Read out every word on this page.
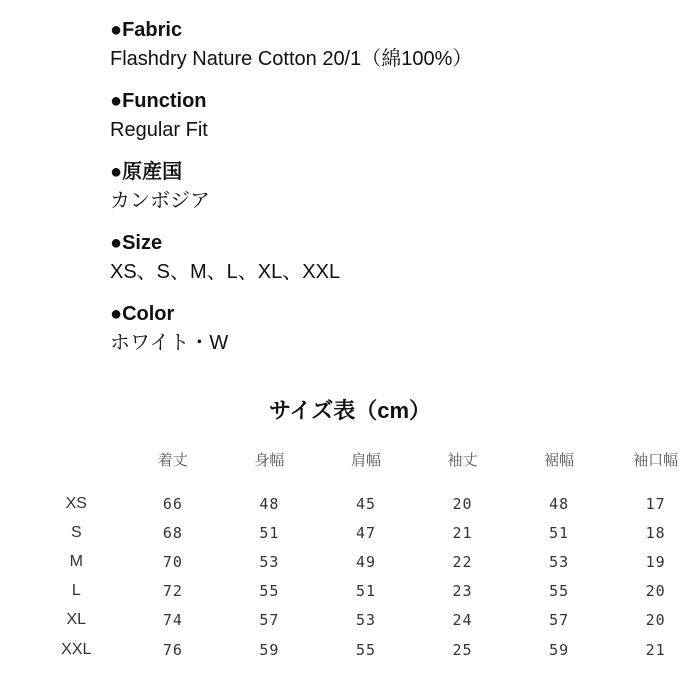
●Fabric
Flashdry Nature Cotton 20/1（綿100%）
●Function
Regular Fit
●原産国
カンボジア
●Size
XS、S、M、L、XL、XXL
●Color
ホワイト・W
サイズ表（cm）
	着丈	身幅	肩幅	袖丈	裾幅	袖口幅
XS	66	48	45	20	48	17
S	68	51	47	21	51	18
M	70	53	49	22	53	19
L	72	55	51	23	55	20
XL	74	57	53	24	57	20
XXL	76	59	55	25	59	21
